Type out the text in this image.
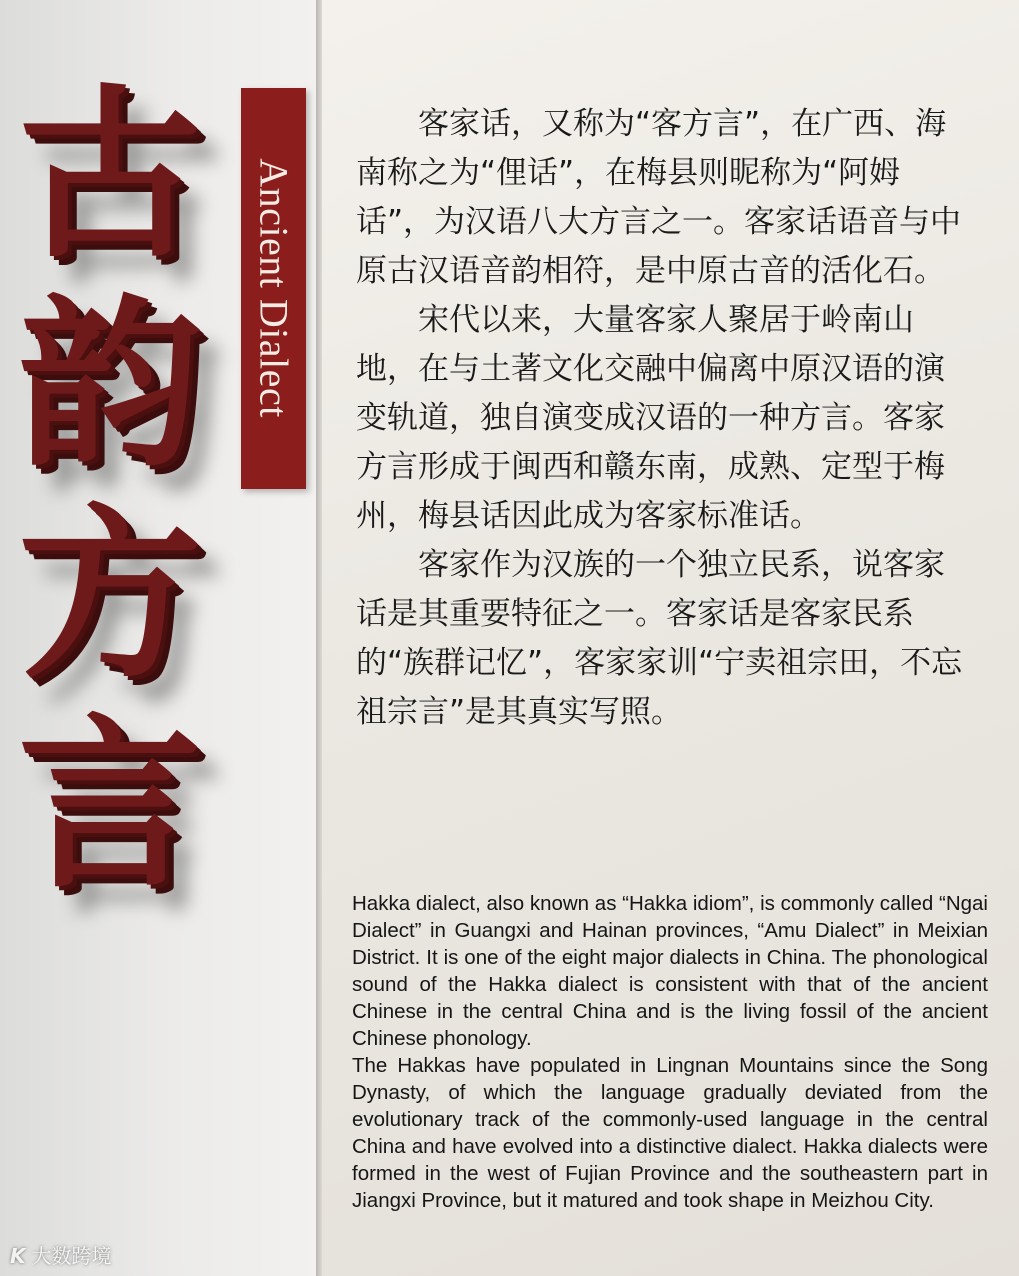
古
韵
方
言
Ancient Dialect

客家话，又称为“客方言”，在广西、海南称之为“俚话”，在梅县则昵称为“阿姆话”，为汉语八大方言之一。客家话语音与中原古汉语音韵相符，是中原古音的活化石。

宋代以来，大量客家人聚居于岭南山地，在与土著文化交融中偏离中原汉语的演变轨道，独自演变成汉语的一种方言。客家方言形成于闽西和赣东南，成熟、定型于梅州，梅县话因此成为客家标准话。

客家作为汉族的一个独立民系，说客家话是其重要特征之一。客家话是客家民系的“族群记忆”，客家家训“宁卖祖宗田，不忘祖宗言”是其真实写照。

Hakka dialect, also known as “Hakka idiom”, is commonly called “Ngai Dialect” in Guangxi and Hainan provinces, “Amu Dialect” in Meixian District. It is one of the eight major dialects in China. The phonological sound of the Hakka dialect is consistent with that of the ancient Chinese in the central China and is the living fossil of the ancient Chinese phonology.

The Hakkas have populated in Lingnan Mountains since the Song Dynasty, of which the language gradually deviated from the evolutionary track of the commonly-used language in the central China and have evolved into a distinctive dialect. Hakka dialects were formed in the west of Fujian Province and the southeastern part in Jiangxi Province, but it matured and took shape in Meizhou City.

K 大数跨境
